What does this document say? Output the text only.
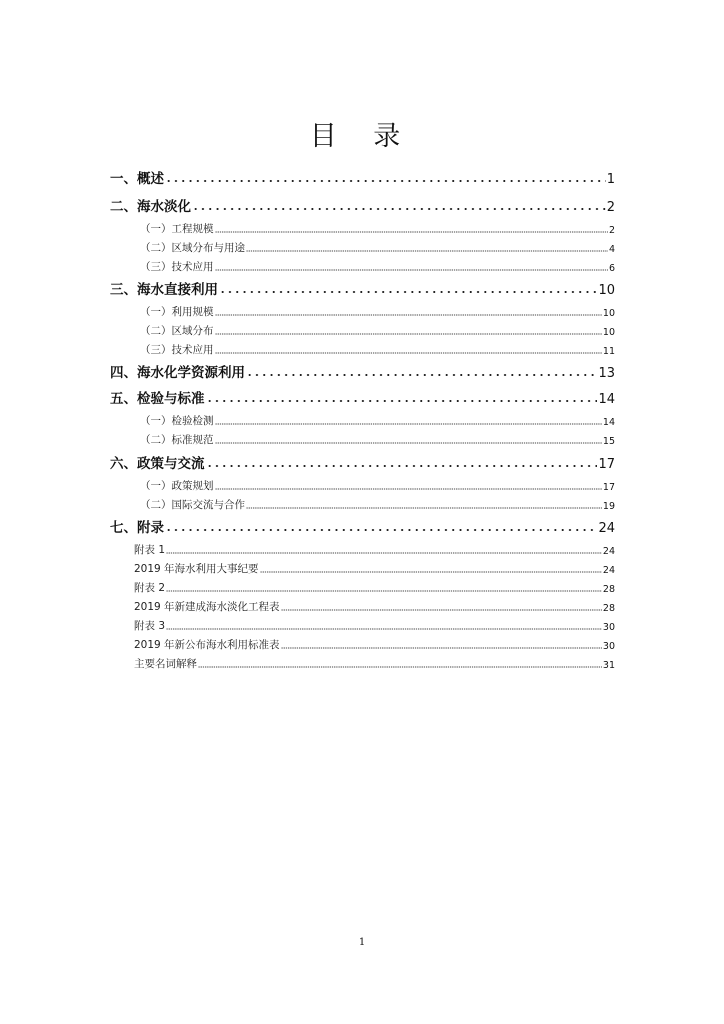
目 录
一、概述	1
二、海水淡化	2
（一）工程规模	2
（二）区域分布与用途	4
（三）技术应用	6
三、海水直接利用	10
（一）利用规模	10
（二）区域分布	10
（三）技术应用	11
四、海水化学资源利用	13
五、检验与标准	14
（一）检验检测	14
（二）标准规范	15
六、政策与交流	17
（一）政策规划	17
（二）国际交流与合作	19
七、附录	24
附表 1	24
2019 年海水利用大事纪要	24
附表 2	28
2019 年新建成海水淡化工程表	28
附表 3	30
2019 年新公布海水利用标准表	30
主要名词解释	31
1
